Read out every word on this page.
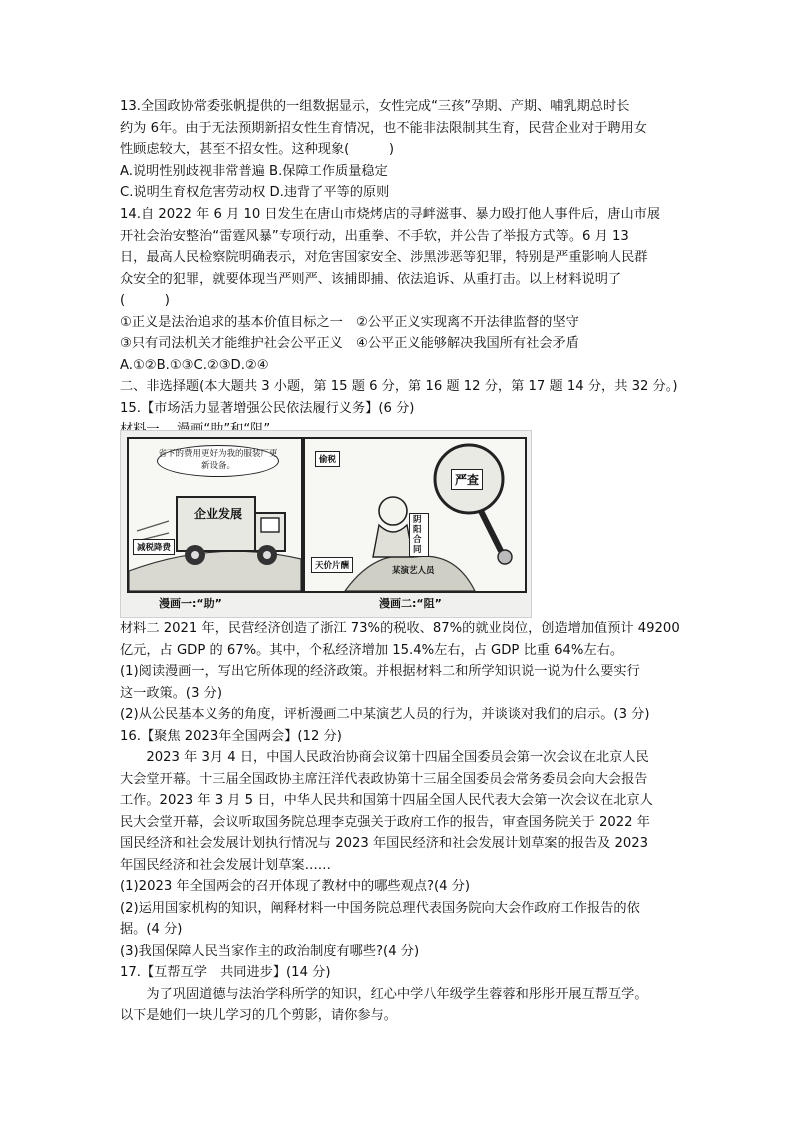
13.全国政协常委张帆提供的一组数据显示，女性完成“三孩”孕期、产期、哺乳期总时长

约为 6年。由于无法预期新招女性生育情况，也不能非法限制其生育，民营企业对于聘用女

性顾虑较大，甚至不招女性。这种现象(　　　)

A.说明性别歧视非常普遍 B.保障工作质量稳定

C.说明生育权危害劳动权 D.违背了平等的原则

14.自 2022 年 6 月 10 日发生在唐山市烧烤店的寻衅滋事、暴力殴打他人事件后，唐山市展

开社会治安整治“雷霆风暴”专项行动，出重拳、不手软，并公告了举报方式等。6 月 13

日，最高人民检察院明确表示，对危害国家安全、涉黑涉恶等犯罪，特别是严重影响人民群

众安全的犯罪，就要体现当严则严、该捕即捕、依法追诉、从重打击。以上材料说明了

(　　　)

①正义是法治追求的基本价值目标之一　②公平正义实现离不开法律监督的坚守

③只有司法机关才能维护社会公平正义　④公平正义能够解决我国所有社会矛盾

A.①②B.①③C.②③D.②④

二、非选择题(本大题共 3 小题，第 15 题 6 分，第 16 题 12 分，第 17 题 14 分，共 32 分。)

15.【市场活力显著增强公民依法履行义务】(6 分)

省下的费用更好为我的服装厂更新设备。
企业发展
减税降费
偷税
严查
阴阳合同
天价片酬	某演艺人员
漫画一:“助”	漫画二:“阻”

材料二 2021 年，民营经济创造了浙江 73%的税收、87%的就业岗位，创造增加值预计 49200

亿元，占 GDP 的 67%。其中，个私经济增加 15.4%左右，占 GDP 比重 64%左右。

(1)阅读漫画一，写出它所体现的经济政策。并根据材料二和所学知识说一说为什么要实行

这一政策。(3 分)

(2)从公民基本义务的角度，评析漫画二中某演艺人员的行为，并谈谈对我们的启示。(3 分)

16.【聚焦 2023年全国两会】(12 分)

2023 年 3月 4 日，中国人民政治协商会议第十四届全国委员会第一次会议在北京人民

大会堂开幕。十三届全国政协主席汪洋代表政协第十三届全国委员会常务委员会向大会报告

工作。2023 年 3 月 5 日，中华人民共和国第十四届全国人民代表大会第一次会议在北京人

民大会堂开幕，会议听取国务院总理李克强关于政府工作的报告，审查国务院关于 2022 年

国民经济和社会发展计划执行情况与 2023 年国民经济和社会发展计划草案的报告及 2023

年国民经济和社会发展计划草案……

(1)2023 年全国两会的召开体现了教材中的哪些观点?(4 分)

(2)运用国家机构的知识，阐释材料一中国务院总理代表国务院向大会作政府工作报告的依

据。(4 分)

(3)我国保障人民当家作主的政治制度有哪些?(4 分)

17.【互帮互学　共同进步】(14 分)

为了巩固道德与法治学科所学的知识，红心中学八年级学生蓉蓉和彤彤开展互帮互学。

以下是她们一块儿学习的几个剪影，请你参与。
